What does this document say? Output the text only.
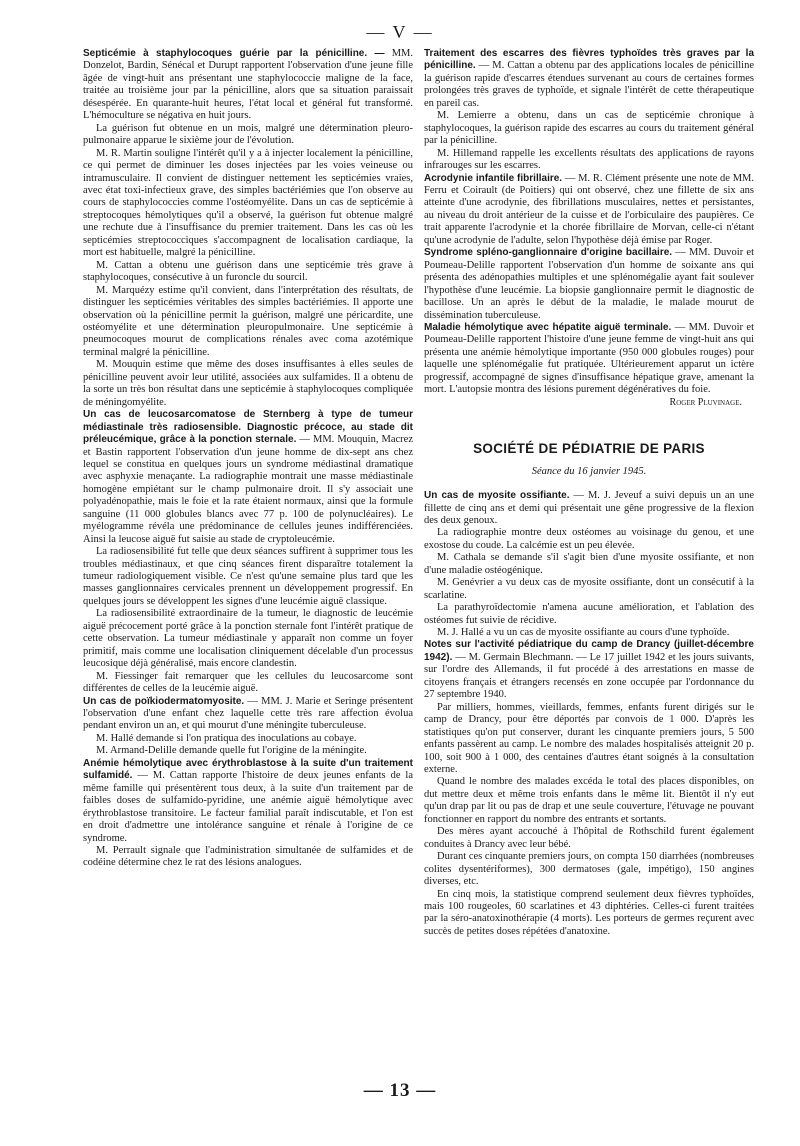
— V —

Septicémie à staphylocoques guérie par la pénicilline. — MM. Donzelot, Bardin, Sénécal et Durupt rapportent l'observation d'une jeune fille âgée de vingt-huit ans présentant une staphylococcie maligne de la face, traitée au troisième jour par la pénicilline, alors que sa situation paraissait désespérée. En quarante-huit heures, l'état local et général fut transformé. L'hémoculture se négativa en huit jours.

La guérison fut obtenue en un mois, malgré une détermination pleuro-pulmonaire apparue le sixième jour de l'évolution.

M. R. Martin souligne l'intérêt qu'il y a à injecter localement la pénicilline, ce qui permet de diminuer les doses injectées par les voies veineuse ou intramusculaire. Il convient de distinguer nettement les septicémies vraies, avec état toxi-infectieux grave, des simples bactériémies que l'on observe au cours de staphylococcies comme l'ostéomyélite. Dans un cas de septicémie à streptocoques hémolytiques qu'il a observé, la guérison fut obtenue malgré une rechute due à l'insuffisance du premier traitement. Dans les cas où les septicémies streptococciques s'accompagnent de localisation cardiaque, la mort est habituelle, malgré la pénicilline.

M. Cattan a obtenu une guérison dans une septicémie très grave à staphylocoques, consécutive à un furoncle du sourcil.

M. Marquézy estime qu'il convient, dans l'interprétation des résultats, de distinguer les septicémies véritables des simples bactériémies. Il apporte une observation où la pénicilline permit la guérison, malgré une péricardite, une ostéomyélite et une détermination pleuropulmonaire. Une septicémie à pneumocoques mourut de complications rénales avec coma azotémique terminal malgré la pénicilline.

M. Mouquin estime que même des doses insuffisantes à elles seules de pénicilline peuvent avoir leur utilité, associées aux sulfamides. Il a obtenu de la sorte un très bon résultat dans une septicémie à staphylocoques compliquée de méningomyélite.

Un cas de leucosarcomatose de Sternberg à type de tumeur médiastinale très radiosensible. Diagnostic précoce, au stade dit préleucémique, grâce à la ponction sternale. — MM. Mouquin, Macrez et Bastin rapportent l'observation d'un jeune homme de dix-sept ans chez lequel se constitua en quelques jours un syndrome médiastinal dramatique avec asphyxie menaçante. La radiographie montrait une masse médiastinale homogène empiétant sur le champ pulmonaire droit. Il s'y associait une polyadénopathie, mais le foie et la rate étaient normaux, ainsi que la formule sanguine (11 000 globules blancs avec 77 p. 100 de polynucléaires). Le myélogramme révéla une prédominance de cellules jeunes indifférenciées. Ainsi la leucose aiguë fut saisie au stade de cryptoleucémie.

La radiosensibilité fut telle que deux séances suffirent à supprimer tous les troubles médiastinaux, et que cinq séances firent disparaître totalement la tumeur radiologiquement visible. Ce n'est qu'une semaine plus tard que les masses ganglionnaires cervicales prennent un développement progressif. En quelques jours se développent les signes d'une leucémie aiguë classique.

La radiosensibilité extraordinaire de la tumeur, le diagnostic de leucémie aiguë précocement porté grâce à la ponction sternale font l'intérêt pratique de cette observation. La tumeur médiastinale y apparaît non comme un foyer primitif, mais comme une localisation cliniquement décelable d'un processus leucosique déjà généralisé, mais encore clandestin.

M. Fiessinger fait remarquer que les cellules du leucosarcome sont différentes de celles de la leucémie aiguë.

Un cas de poïkiodermatomyosite. — MM. J. Marie et Seringe présentent l'observation d'une enfant chez laquelle cette très rare affection évolua pendant environ un an, et qui mourut d'une méningite tuberculeuse.

M. Hallé demande si l'on pratiqua des inoculations au cobaye.

M. Armand-Delille demande quelle fut l'origine de la méningite.

Anémie hémolytique avec érythroblastose à la suite d'un traitement sulfamidé. — M. Cattan rapporte l'histoire de deux jeunes enfants de la même famille qui présentèrent tous deux, à la suite d'un traitement par de faibles doses de sulfamido-pyridine, une anémie aiguë hémolytique avec érythroblastose transitoire. Le facteur familial paraît indiscutable, et l'on est en droit d'admettre une intolérance sanguine et rénale à l'origine de ce syndrome.

M. Perrault signale que l'administration simultanée de sulfamides et de codéine détermine chez le rat des lésions analogues.

Traitement des escarres des fièvres typhoïdes très graves par la pénicilline. — M. Cattan a obtenu par des applications locales de pénicilline la guérison rapide d'escarres étendues survenant au cours de certaines formes prolongées très graves de typhoïde, et signale l'intérêt de cette thérapeutique en pareil cas.

M. Lemierre a obtenu, dans un cas de septicémie chronique à staphylocoques, la guérison rapide des escarres au cours du traitement général par la pénicilline.

M. Hillemand rappelle les excellents résultats des applications de rayons infrarouges sur les escarres.

Acrodynie infantile fibrillaire. — M. R. Clément présente une note de MM. Ferru et Coirault (de Poitiers) qui ont observé, chez une fillette de six ans atteinte d'une acrodynie, des fibrillations musculaires, nettes et persistantes, au niveau du droit antérieur de la cuisse et de l'orbiculaire des paupières. Ce trait apparente l'acrodynie et la chorée fibrillaire de Morvan, celle-ci n'étant qu'une acrodynie de l'adulte, selon l'hypothèse déjà émise par Roger.

Syndrome spléno-ganglionnaire d'origine bacillaire. — MM. Duvoir et Poumeau-Delille rapportent l'observation d'un homme de soixante ans qui présenta des adénopathies multiples et une splénomégalie ayant fait soulever l'hypothèse d'une leucémie. La biopsie ganglionnaire permit le diagnostic de bacillose. Un an après le début de la maladie, le malade mourut de dissémination tuberculeuse.

Maladie hémolytique avec hépatite aiguë terminale. — MM. Duvoir et Poumeau-Delille rapportent l'histoire d'une jeune femme de vingt-huit ans qui présenta une anémie hémolytique importante (950 000 globules rouges) pour laquelle une splénomégalie fut pratiquée. Ultérieurement apparut un ictère progressif, accompagné de signes d'insuffisance hépatique grave, amenant la mort. L'autopsie montra des lésions purement dégénératives du foie.

Roger Pluvinage.

SOCIÉTÉ DE PÉDIATRIE DE PARIS
Séance du 16 janvier 1945.

Un cas de myosite ossifiante. — M. J. Jeveuf a suivi depuis un an une fillette de cinq ans et demi qui présentait une gêne progressive de la flexion des deux genoux.

La radiographie montre deux ostéomes au voisinage du genou, et une exostose du coude. La calcémie est un peu élevée.

M. Cathala se demande s'il s'agit bien d'une myosite ossifiante, et non d'une maladie ostéogénique.

M. Genévrier a vu deux cas de myosite ossifiante, dont un consécutif à la scarlatine.

La parathyroïdectomie n'amena aucune amélioration, et l'ablation des ostéomes fut suivie de récidive.

M. J. Hallé a vu un cas de myosite ossifiante au cours d'une typhoïde.

Notes sur l'activité pédiatrique du camp de Drancy (juillet-décembre 1942). — M. Germain Blechmann. — Le 17 juillet 1942 et les jours suivants, sur l'ordre des Allemands, il fut procédé à des arrestations en masse de citoyens français et étrangers recensés en zone occupée par l'ordonnance du 27 septembre 1940.

Par milliers, hommes, vieillards, femmes, enfants furent dirigés sur le camp de Drancy, pour être déportés par convois de 1 000. D'après les statistiques qu'on put conserver, durant les cinquante premiers jours, 5 500 enfants passèrent au camp. Le nombre des malades hospitalisés atteignit 20 p. 100, soit 900 à 1 000, des centaines d'autres étant soignés à la consultation externe.

Quand le nombre des malades excéda le total des places disponibles, on dut mettre deux et même trois enfants dans le même lit. Bientôt il n'y eut qu'un drap par lit ou pas de drap et une seule couverture, l'étuvage ne pouvant fonctionner en rapport du nombre des entrants et sortants.

Des mères ayant accouché à l'hôpital de Rothschild furent également conduites à Drancy avec leur bébé.

Durant ces cinquante premiers jours, on compta 150 diarrhées (nombreuses colites dysentériformes), 300 dermatoses (gale, impétigo), 150 angines diverses, etc.

En cinq mois, la statistique comprend seulement deux fièvres typhoïdes, mais 100 rougeoles, 60 scarlatines et 43 diphtéries. Celles-ci furent traitées par la séro-anatoxinothérapie (4 morts). Les porteurs de germes reçurent avec succès de petites doses répétées d'anatoxine.

— 13 —
